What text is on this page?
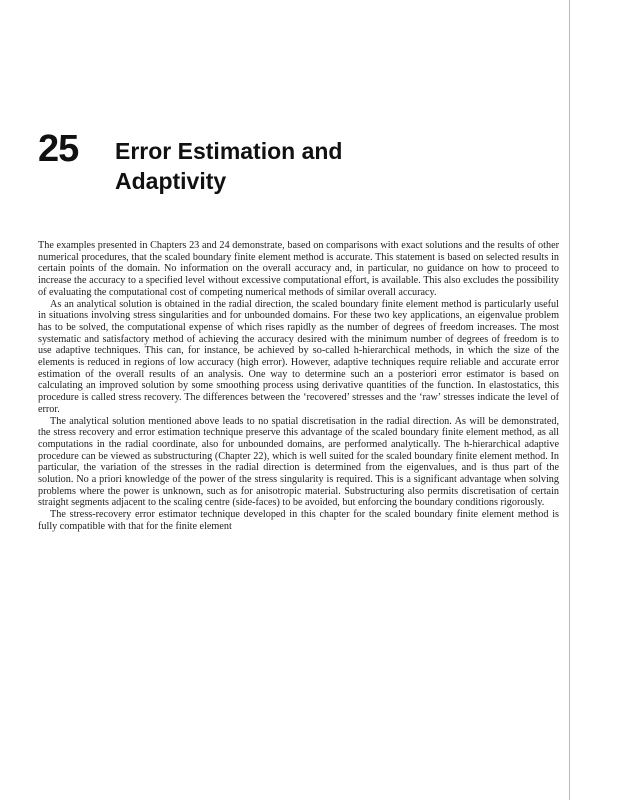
25 Error Estimation and
Adaptivity

The examples presented in Chapters 23 and 24 demonstrate, based on comparisons with exact solutions and the results of other numerical procedures, that the scaled boundary finite element method is accurate. This statement is based on selected results in certain points of the domain. No information on the overall accuracy and, in particular, no guidance on how to proceed to increase the accuracy to a specified level without excessive computational effort, is available. This also excludes the possibility of evaluating the computational cost of competing numerical methods of similar overall accuracy.

As an analytical solution is obtained in the radial direction, the scaled boundary finite element method is particularly useful in situations involving stress singularities and for unbounded domains. For these two key applications, an eigenvalue problem has to be solved, the computational expense of which rises rapidly as the number of degrees of freedom increases. The most systematic and satisfactory method of achieving the accuracy desired with the minimum number of degrees of freedom is to use adaptive techniques. This can, for instance, be achieved by so-called h-hierarchical methods, in which the size of the elements is reduced in regions of low accuracy (high error). However, adaptive techniques require reliable and accurate error estimation of the overall results of an analysis. One way to determine such an a posteriori error estimator is based on calculating an improved solution by some smoothing process using derivative quantities of the function. In elastostatics, this procedure is called stress recovery. The differences between the ‘recovered’ stresses and the ‘raw’ stresses indicate the level of error.

The analytical solution mentioned above leads to no spatial discretisation in the radial direction. As will be demonstrated, the stress recovery and error estimation technique preserve this advantage of the scaled boundary finite element method, as all computations in the radial coordinate, also for unbounded domains, are performed analytically. The h-hierarchical adaptive procedure can be viewed as substructuring (Chapter 22), which is well suited for the scaled boundary finite element method. In particular, the variation of the stresses in the radial direction is determined from the eigenvalues, and is thus part of the solution. No a priori knowledge of the power of the stress singularity is required. This is a significant advantage when solving problems where the power is unknown, such as for anisotropic material. Substructuring also permits discretisation of certain straight segments adjacent to the scaling centre (side-faces) to be avoided, but enforcing the boundary conditions rigorously.

The stress-recovery error estimator technique developed in this chapter for the scaled boundary finite element method is fully compatible with that for the finite element
